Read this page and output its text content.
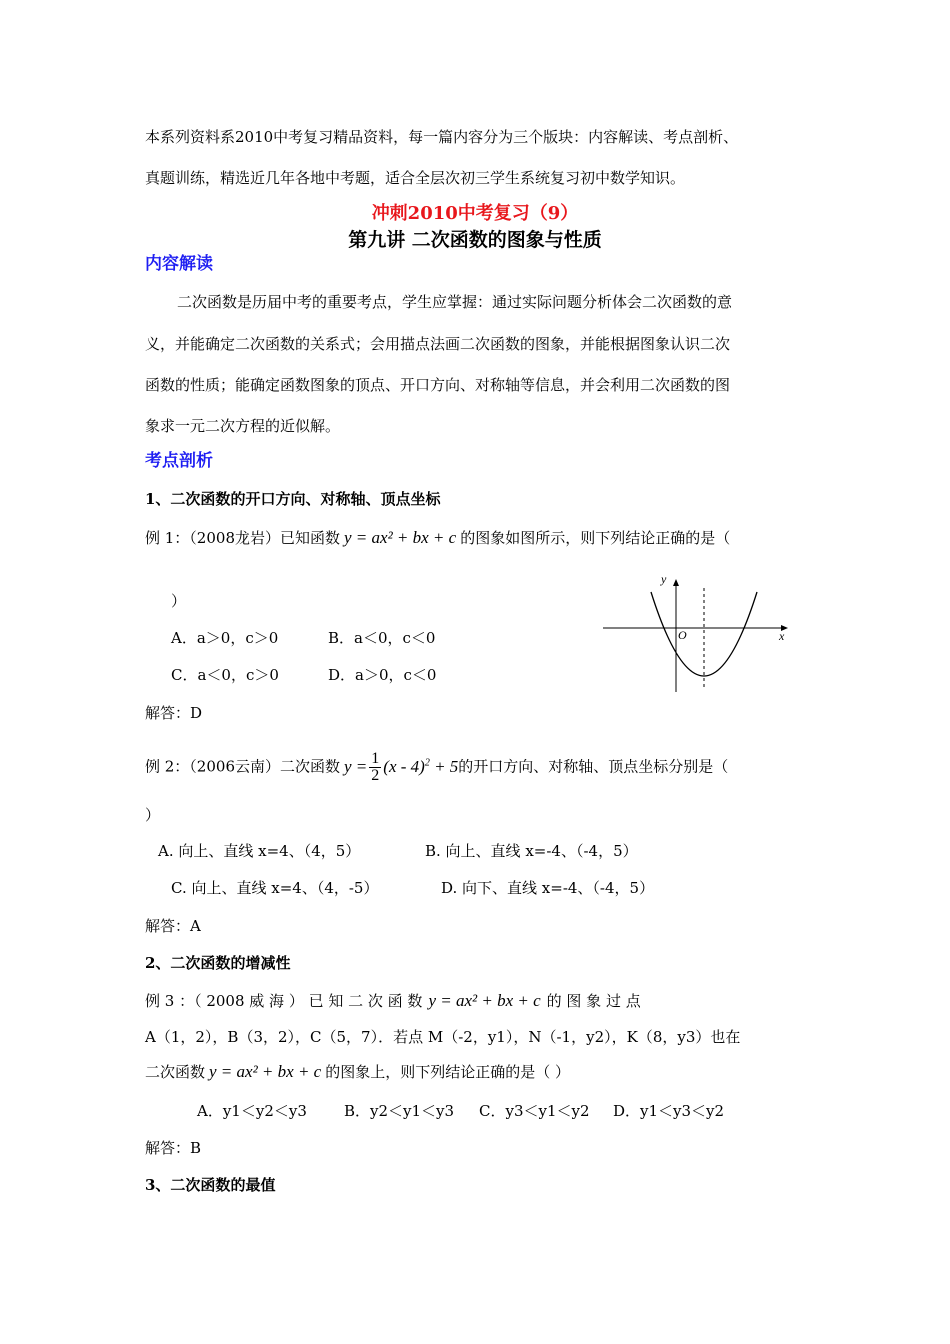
本系列资料系2010中考复习精品资料，每一篇内容分为三个版块：内容解读、考点剖析、
真题训练，精选近几年各地中考题，适合全层次初三学生系统复习初中数学知识。
冲刺2010中考复习（9）
第九讲 二次函数的图象与性质
内容解读
二次函数是历届中考的重要考点，学生应掌握：通过实际问题分析体会二次函数的意
义，并能确定二次函数的关系式；会用描点法画二次函数的图象，并能根据图象认识二次
函数的性质；能确定函数图象的顶点、开口方向、对称轴等信息，并会利用二次函数的图
象求一元二次方程的近似解。
考点剖析
1、二次函数的开口方向、对称轴、顶点坐标
例 1：（2008龙岩）已知函数 y = ax² + bx + c 的图象如图所示，则下列结论正确的是（
）
A．a＞0，c＞0	B．a＜0，c＜0
C．a＜0，c＞0	D．a＞0，c＜0
解答：D
y
x
O
例 2：（2006云南）二次函数 $y = \frac{1}{2} (x - 4)^2 + 5$的开口方向、对称轴、顶点坐标分别是（
）
A. 向上、直线 x=4、（4，5）	B. 向上、直线 x=-4、（-4，5）
C. 向上、直线 x=4、（4，-5）	D. 向下、直线 x=-4、（-4，5）
解答：A
2、二次函数的增减性
例 3 ：（ 2008 威 海 ） 已 知 二 次 函 数 y = ax² + bx + c 的 图 象 过 点
A（1，2），B（3，2），C（5，7）．若点 M（-2，y1），N（-1，y2），K（8，y3）也在
二次函数 y = ax² + bx + c 的图象上，则下列结论正确的是（ ）
A．y1＜y2＜y3 B．y2＜y1＜y3 C．y3＜y1＜y2 D．y1＜y3＜y2
解答：B
3、二次函数的最值
